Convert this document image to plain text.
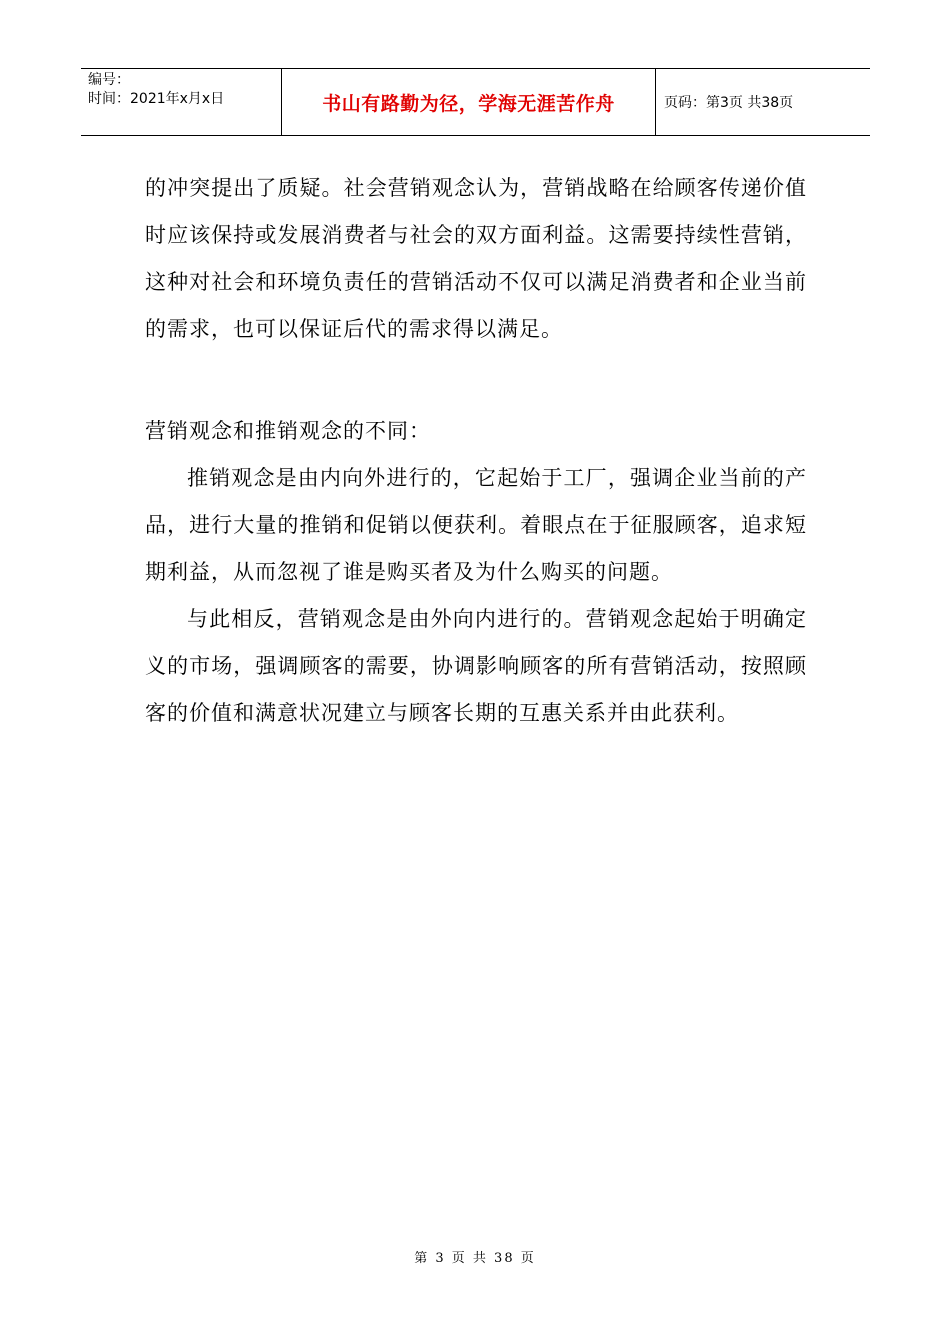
编号：
时间：2021年x月x日	书山有路勤为径，学海无涯苦作舟	页码：第3页 共38页

的冲突提出了质疑。社会营销观念认为，营销战略在给顾客传递价值时应该保持或发展消费者与社会的双方面利益。这需要持续性营销，这种对社会和环境负责任的营销活动不仅可以满足消费者和企业当前的需求，也可以保证后代的需求得以满足。

营销观念和推销观念的不同：

推销观念是由内向外进行的，它起始于工厂，强调企业当前的产品，进行大量的推销和促销以便获利。着眼点在于征服顾客，追求短期利益，从而忽视了谁是购买者及为什么购买的问题。

与此相反，营销观念是由外向内进行的。营销观念起始于明确定义的市场，强调顾客的需要，协调影响顾客的所有营销活动，按照顾客的价值和满意状况建立与顾客长期的互惠关系并由此获利。

第 3 页 共 38 页
